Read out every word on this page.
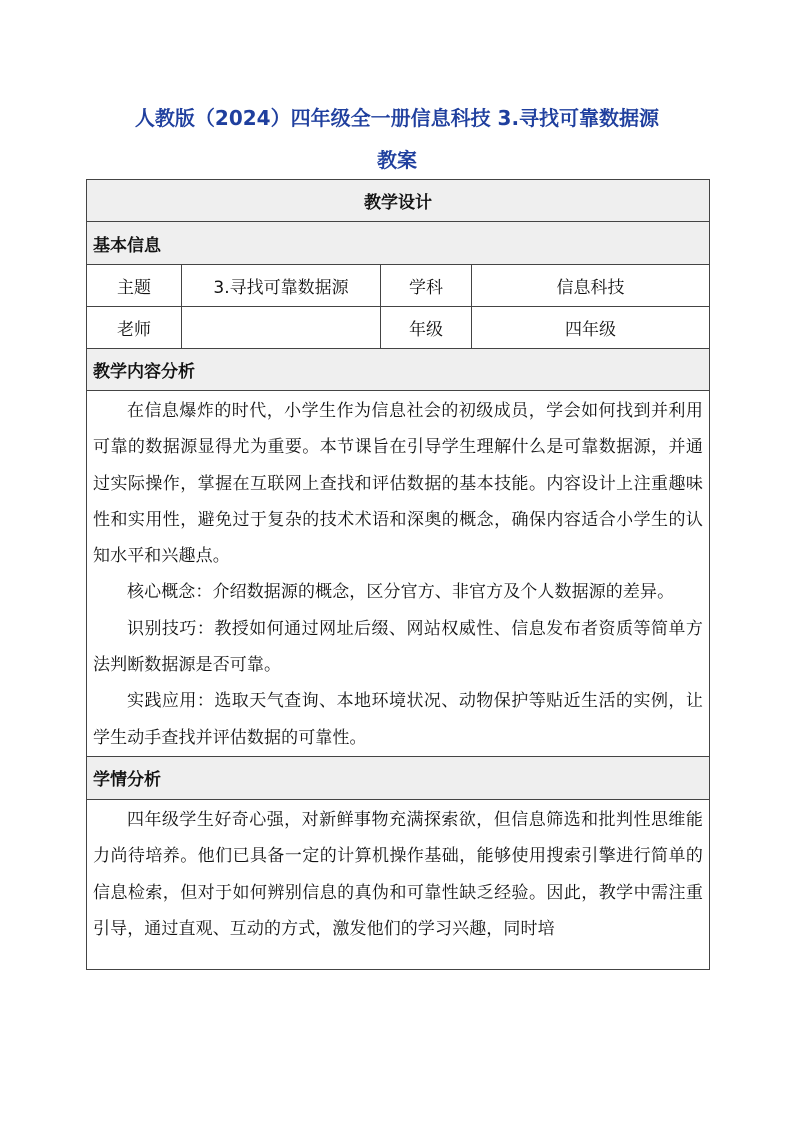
人教版（2024）四年级全一册信息科技 3.寻找可靠数据源
教案
教学设计			
基本信息			
主题	3.寻找可靠数据源	学科	信息科技
老师		年级	四年级
教学内容分析			

在信息爆炸的时代，小学生作为信息社会的初级成员，学会如何找到并利用可靠的数据源显得尤为重要。本节课旨在引导学生理解什么是可靠数据源，并通过实际操作，掌握在互联网上查找和评估数据的基本技能。内容设计上注重趣味性和实用性，避免过于复杂的技术术语和深奥的概念，确保内容适合小学生的认知水平和兴趣点。

核心概念：介绍数据源的概念，区分官方、非官方及个人数据源的差异。

识别技巧：教授如何通过网址后缀、网站权威性、信息发布者资质等简单方法判断数据源是否可靠。

实践应用：选取天气查询、本地环境状况、动物保护等贴近生活的实例，让学生动手查找并评估数据的可靠性。			

学情分析			

四年级学生好奇心强，对新鲜事物充满探索欲，但信息筛选和批判性思维能力尚待培养。他们已具备一定的计算机操作基础，能够使用搜索引擎进行简单的信息检索，但对于如何辨别信息的真伪和可靠性缺乏经验。因此，教学中需注重引导，通过直观、互动的方式，激发他们的学习兴趣，同时培			
